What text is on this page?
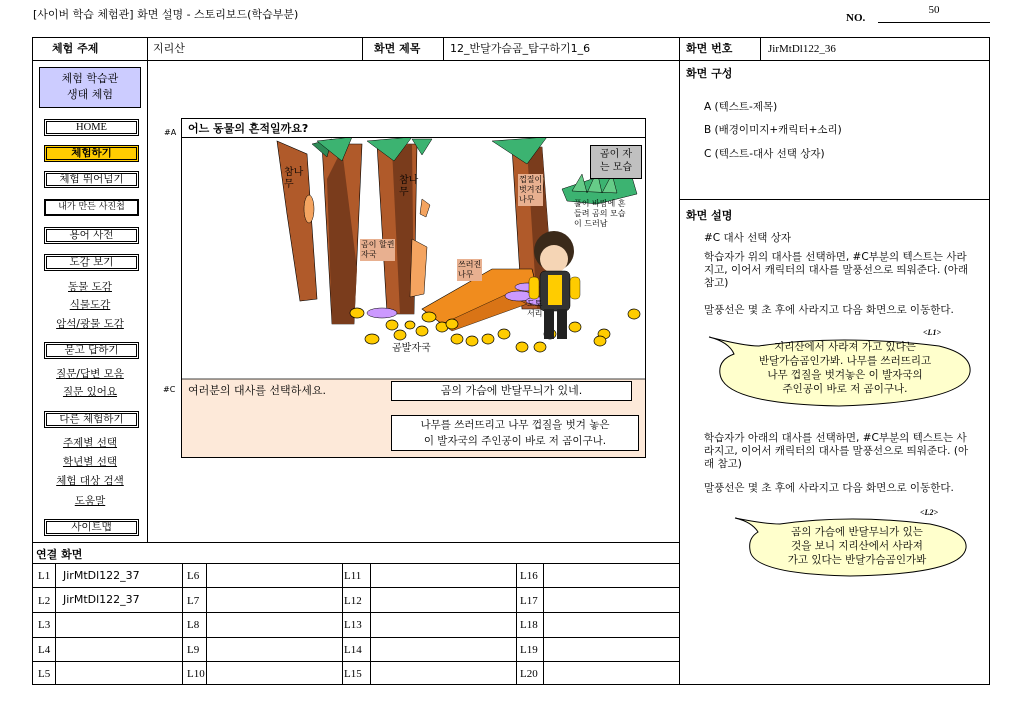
[사이버 학습 체험관] 화면 설명 - 스토리보드(학습부분)	NO.
50
체험 주제	지리산	화면 제목	12_반달가슴곰_탐구하기1_6	화면 번호	JirMtDl122_36
체험 학습관
생태 체험
HOME
체험하기
체험 뛰어넘기
내가 만든 사진첩
용어 사전
도감 보기
동물 도감
식물도감
암석/광물 도감
묻고 답하기
질문/답변 모음
질문 있어요
다른 체험하기
주제별 선택
학년별 선택
체험 대상 검색
도움말
사이트맵
#A
#C
어느 동물의 흔적일까요?
참나
무	참나
무
껍질이
벗겨진
나무
곰이 자
는 모습
풀이 바람에 흔
들려 곰의 모습
이 드러남
곰이 할퀸
자국
쓰러진
나무
도토
서리
곰발자국
여러분의 대사를 선택하세요.	곰의 가슴에 반달무늬가 있네.
나무를 쓰러뜨리고 나무 껍질을 벗겨 놓은
이 발자국의 주인공이 바로 저 곰이구나.
연결 화면
L1 JirMtDl122_37	L6	L11	L16
L2 JirMtDl122_37	L7	L12	L17
L3	L8	L13	L18
L4	L9	L14	L19
L5	L10	L15	L20
화면 구성
A (텍스트-제목)
B (배경이미지+캐릭터+소리)
C (텍스트-대사 선택 상자)
화면 설명
#C 대사 선택 상자
학습자가 위의 대사를 선택하면, #C부분의 텍스트는 사라지고, 이어서 캐릭터의 대사를 말풍선으로 띄워준다. (아래 참고)
말풍선은 몇 초 후에 사라지고 다음 화면으로 이동한다.
<L1>
지리산에서 사라져 가고 있다는
반달가슴곰인가봐. 나무를 쓰러뜨리고
나무 껍질을 벗겨놓은 이 발자국의
주인공이 바로 저 곰이구나.
학습자가 아래의 대사를 선택하면, #C부분의 텍스트는 사라지고, 이어서 캐릭터의 대사를 말풍선으로 띄워준다. (아래 참고)
말풍선은 몇 초 후에 사라지고 다음 화면으로 이동한다.
<L2>
곰의 가슴에 반달무늬가 있는
것을 보니 지리산에서 사라져
가고 있다는 반달가슴곰인가봐
